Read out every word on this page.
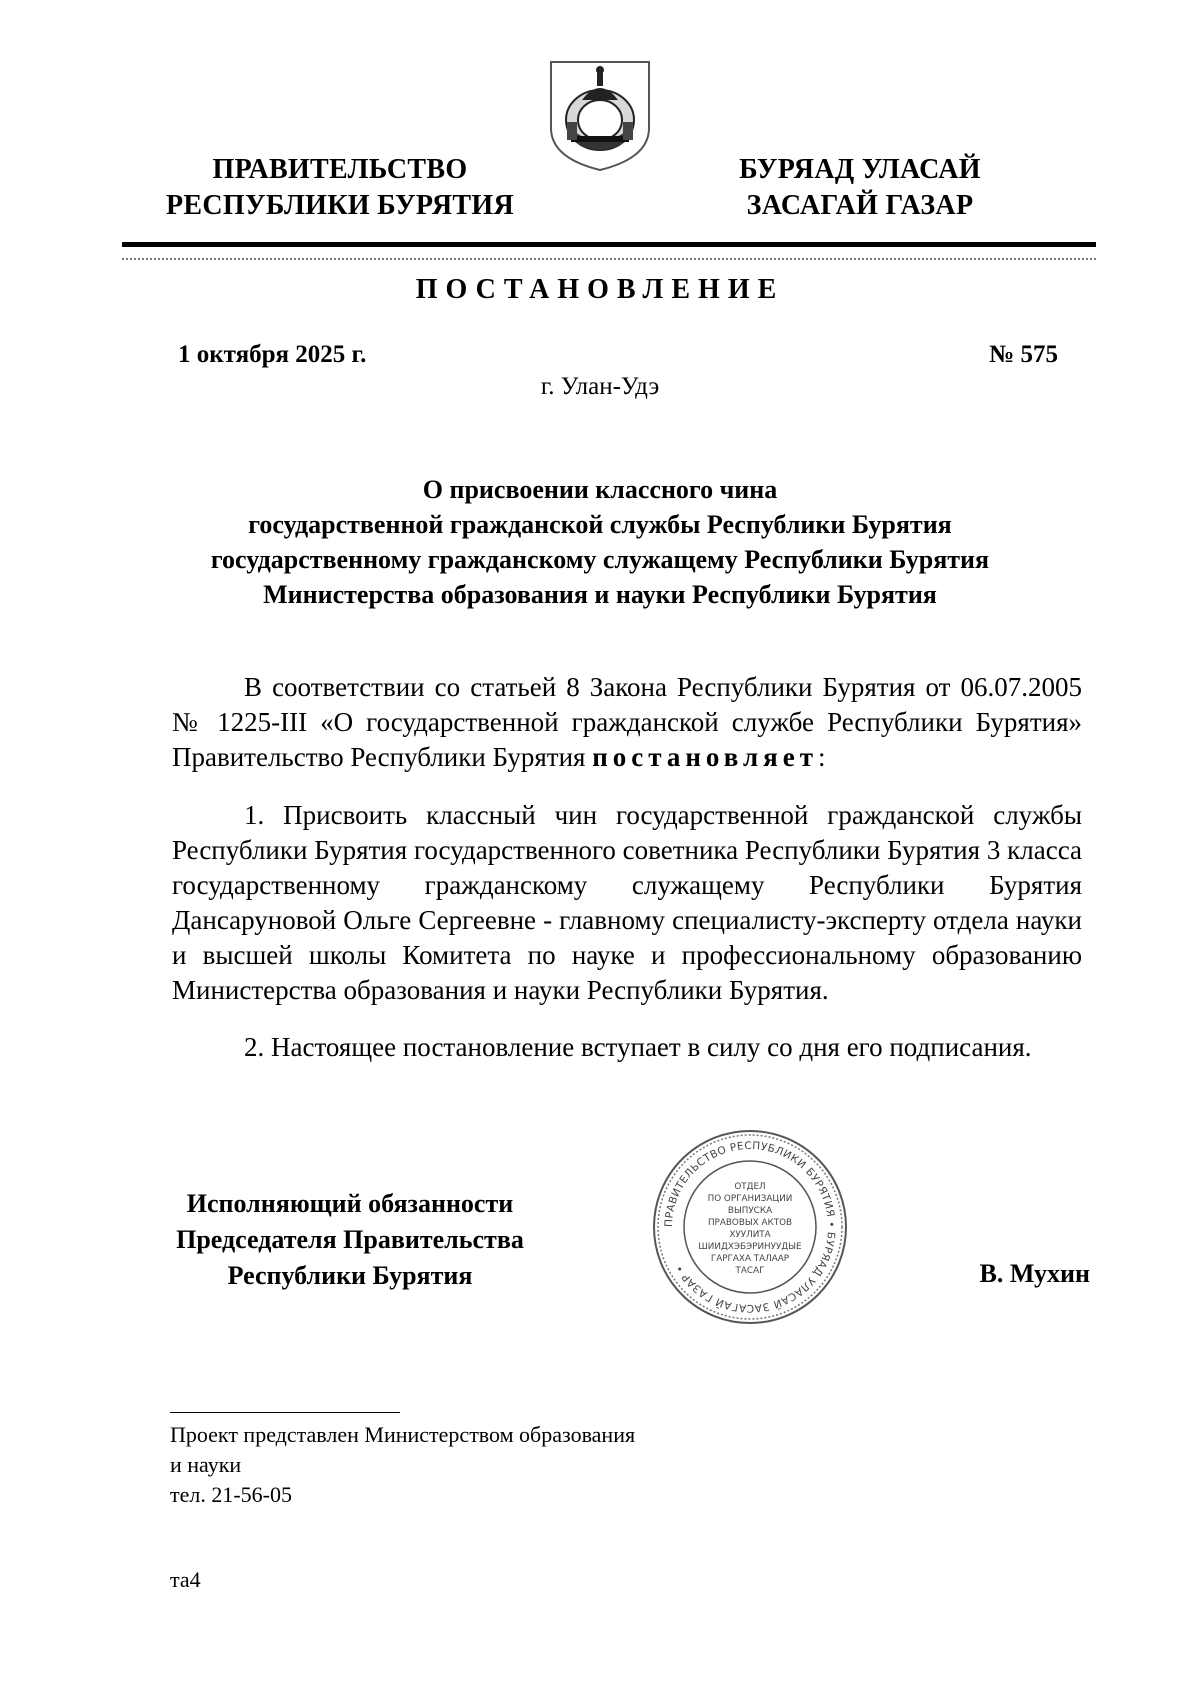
ПРАВИТЕЛЬСТВО
РЕСПУБЛИКИ БУРЯТИЯ
БУРЯАД УЛАСАЙ
ЗАСАГАЙ ГАЗАР
ПОСТАНОВЛЕНИЕ
1 октября 2025 г.	№ 575
г. Улан-Удэ
О присвоении классного чина
государственной гражданской службы Республики Бурятия
государственному гражданскому служащему Республики Бурятия
Министерства образования и науки Республики Бурятия

В соответствии со статьей 8 Закона Республики Бурятия от 06.07.2005 № 1225-III «О государственной гражданской службе Республики Бурятия» Правительство Республики Бурятия постановляет:

1. Присвоить классный чин государственной гражданской службы Республики Бурятия государственного советника Республики Бурятия 3 класса государственному гражданскому служащему Республики Бурятия Дансаруновой Ольге Сергеевне - главному специалисту-эксперту отдела науки и высшей школы Комитета по науке и профессиональному образованию Министерства образования и науки Республики Бурятия.

2. Настоящее постановление вступает в силу со дня его подписания.

ПРАВИТЕЛЬСТВО РЕСПУБЛИКИ БУРЯТИЯ • БУРЯАД УЛАСАЙ ЗАСАГАЙ ГАЗАР •
ОТДЕЛ
ПО ОРГАНИЗАЦИИ
ВЫПУСКА
ПРАВОВЫХ АКТОВ
ХУУЛИТА
ШИИДХЭБЭРИНУУДЫЕ
ГАРГАХА ТАЛААР
ТАСАГ
Исполняющий обязанности
Председателя Правительства
Республики Бурятия	В. Мухин
Проект представлен Министерством образования
и науки
тел. 21-56-05
та4
